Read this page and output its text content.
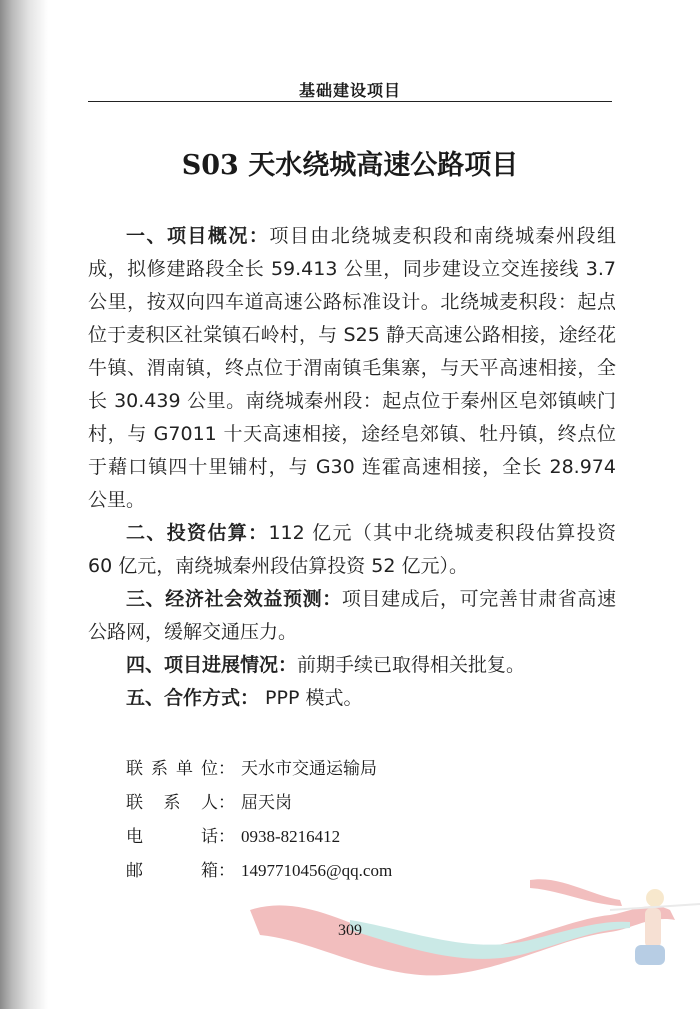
基础建设项目
S03 天水绕城高速公路项目

一、项目概况：项目由北绕城麦积段和南绕城秦州段组成，拟修建路段全长 59.413 公里，同步建设立交连接线 3.7 公里，按双向四车道高速公路标准设计。北绕城麦积段：起点位于麦积区社棠镇石岭村，与 S25 静天高速公路相接，途经花牛镇、渭南镇，终点位于渭南镇毛集寨，与天平高速相接，全长 30.439 公里。南绕城秦州段：起点位于秦州区皂郊镇峡门村，与 G7011 十天高速相接，途经皂郊镇、牡丹镇，终点位于藉口镇四十里铺村，与 G30 连霍高速相接，全长 28.974 公里。

二、投资估算：112 亿元（其中北绕城麦积段估算投资 60 亿元，南绕城秦州段估算投资 52 亿元）。

三、经济社会效益预测：项目建成后，可完善甘肃省高速公路网，缓解交通压力。

四、项目进展情况：前期手续已取得相关批复。

五、合作方式： PPP 模式。

联 系 单 位 ： 天水市交通运输局
联 系 人 ： 屈天岗
电	话 ： 0938-8216412
邮	箱 ： 1497710456@qq.com
309
